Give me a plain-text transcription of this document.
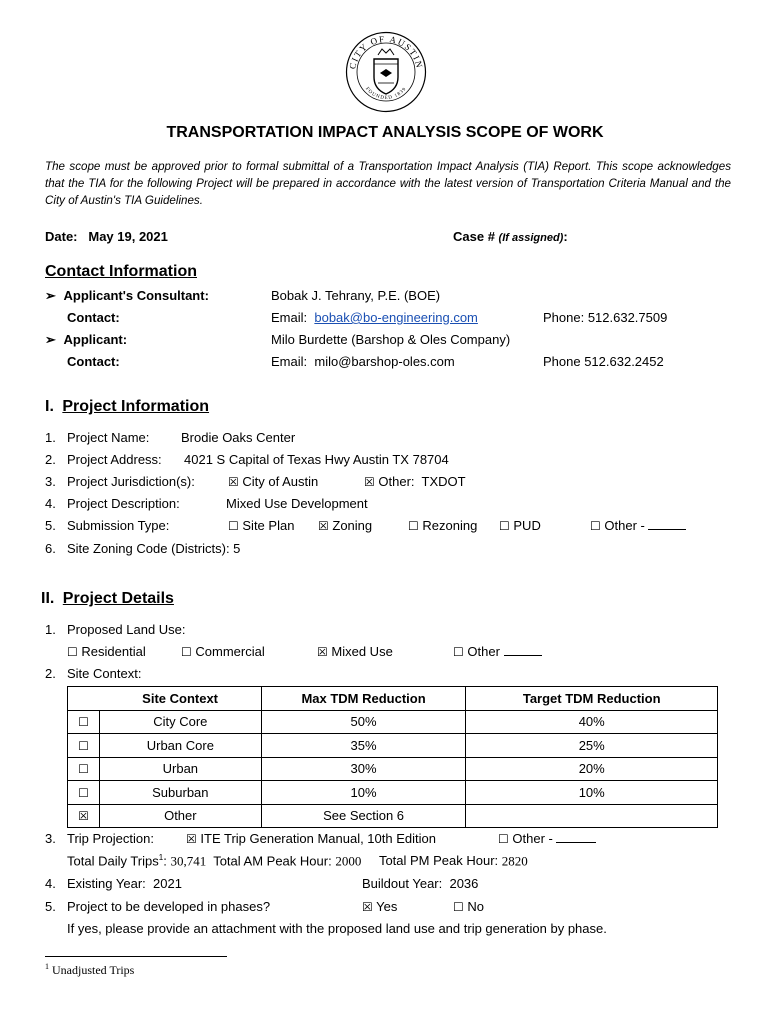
CITY OF AUSTIN
FOUNDED 1839
TRANSPORTATION IMPACT ANALYSIS SCOPE OF WORK
The scope must be approved prior to formal submittal of a Transportation Impact Analysis (TIA) Report. This scope acknowledges that the TIA for the following Project will be prepared in accordance with the latest version of Transportation Criteria Manual and the City of Austin's TIA Guidelines.
Date: May 19, 2021	Case # (If assigned):
Contact Information
➢ Applicant's Consultant:	Bobak J. Tehrany, P.E. (BOE)
Contact:	Email: bobak@bo-engineering.com	Phone: 512.632.7509
➢ Applicant:	Milo Burdette (Barshop & Oles Company)
Contact:	Email: milo@barshop-oles.com	Phone 512.632.2452
I. Project Information
1. Project Name: Brodie Oaks Center
2. Project Address: 4021 S Capital of Texas Hwy Austin TX 78704
3. Project Jurisdiction(s):	☒ City of Austin	☒ Other: TXDOT
4. Project Description:	Mixed Use Development
5. Submission Type:	☐ Site Plan ☒ Zoning	☐ Rezoning ☐ PUD	☐ Other -
6. Site Zoning Code (Districts): 5
II. Project Details
1. Proposed Land Use:
☐ Residential	☐ Commercial	☒ Mixed Use	☐ Other
2. Site Context:
	Site Context	Max TDM Reduction	Target TDM Reduction
☐	City Core	50%	40%
☐	Urban Core	35%	25%
☐	Urban	30%	20%
☐	Suburban	10%	10%
☒	Other	See Section 6	
3. Trip Projection:	☒ ITE Trip Generation Manual, 10th Edition	☐ Other -
Total Daily Trips$^1$: 30,741 Total AM Peak Hour: 2000 Total PM Peak Hour: 2820
4. Existing Year: 2021	Buildout Year: 2036
5. Project to be developed in phases?	☒ Yes	☐ No
If yes, please provide an attachment with the proposed land use and trip generation by phase.
$^1$ Unadjusted Trips
